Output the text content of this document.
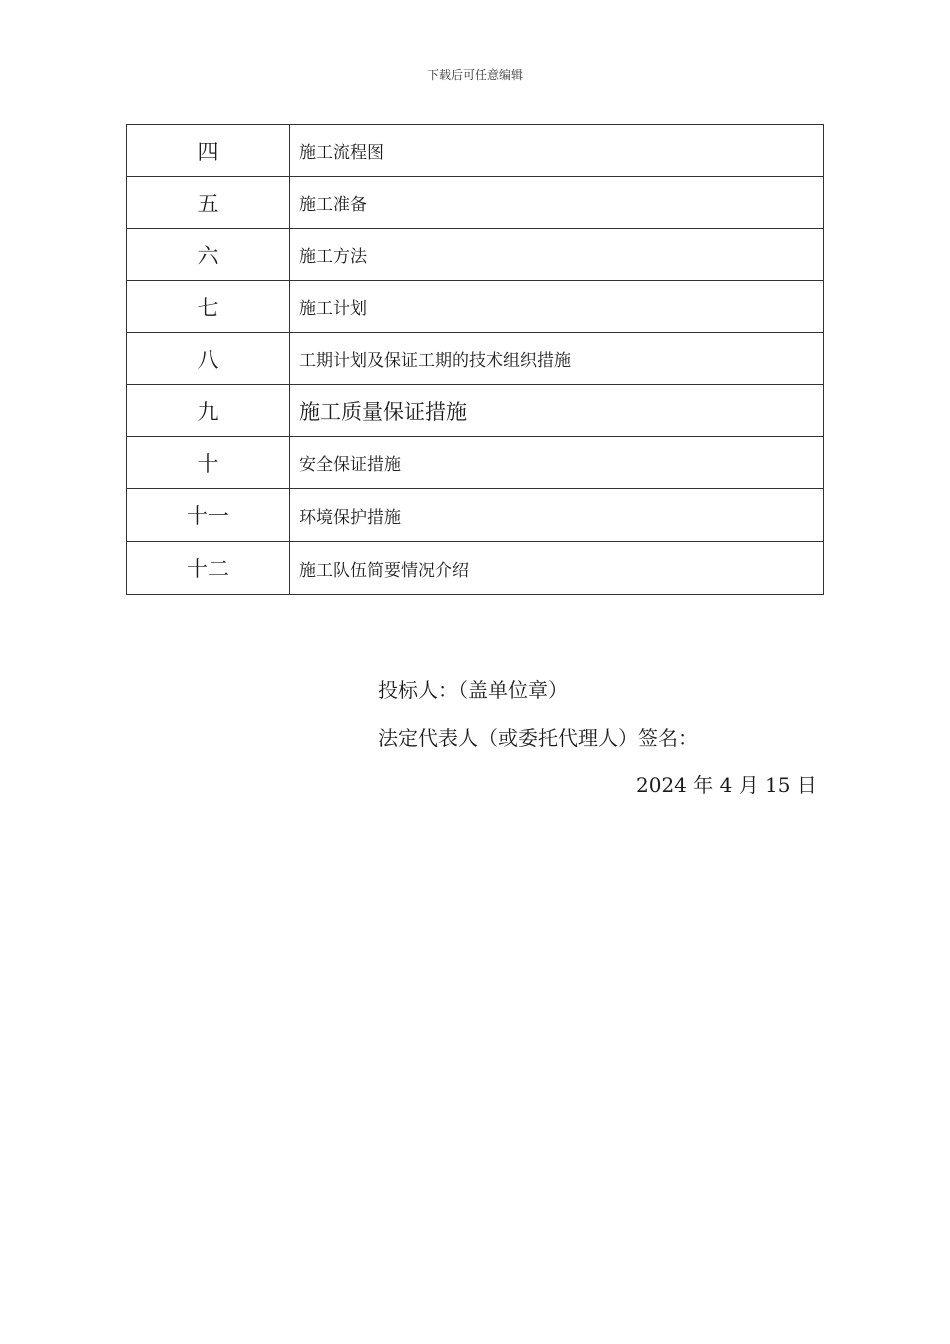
下载后可任意编辑
四	施工流程图
五	施工准备
六	施工方法
七	施工计划
八	工期计划及保证工期的技术组织措施
九	施工质量保证措施
十	安全保证措施
十一	环境保护措施
十二	施工队伍简要情况介绍
投标人：（盖单位章）
法定代表人（或委托代理人）签名：
2024 年 4 月 15 日
